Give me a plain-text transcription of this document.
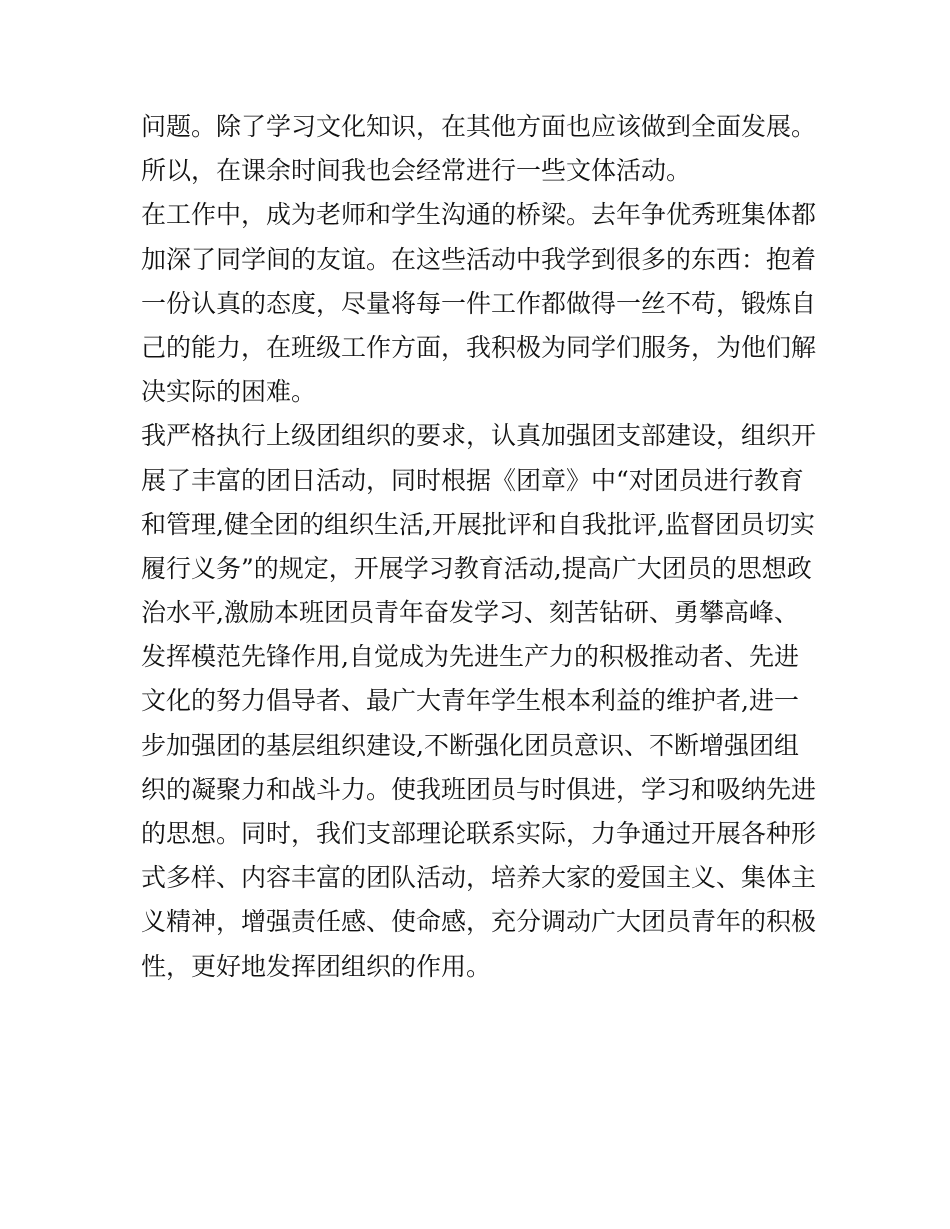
问题。除了学习文化知识，在其他方面也应该做到全面发展。
所以，在课余时间我也会经常进行一些文体活动。
在工作中，成为老师和学生沟通的桥梁。去年争优秀班集体都
加深了同学间的友谊。在这些活动中我学到很多的东西：抱着
一份认真的态度，尽量将每一件工作都做得一丝不苟，锻炼自
己的能力，在班级工作方面，我积极为同学们服务，为他们解
决实际的困难。
我严格执行上级团组织的要求，认真加强团支部建设，组织开
展了丰富的团日活动，同时根据《团章》中“对团员进行教育
和管理,健全团的组织生活,开展批评和自我批评,监督团员切实
履行义务”的规定，开展学习教育活动,提高广大团员的思想政
治水平,激励本班团员青年奋发学习、刻苦钻研、勇攀高峰、
发挥模范先锋作用,自觉成为先进生产力的积极推动者、先进
文化的努力倡导者、最广大青年学生根本利益的维护者,进一
步加强团的基层组织建设,不断强化团员意识、不断增强团组
织的凝聚力和战斗力。使我班团员与时俱进，学习和吸纳先进
的思想。同时，我们支部理论联系实际，力争通过开展各种形
式多样、内容丰富的团队活动，培养大家的爱国主义、集体主
义精神，增强责任感、使命感，充分调动广大团员青年的积极
性，更好地发挥团组织的作用。
